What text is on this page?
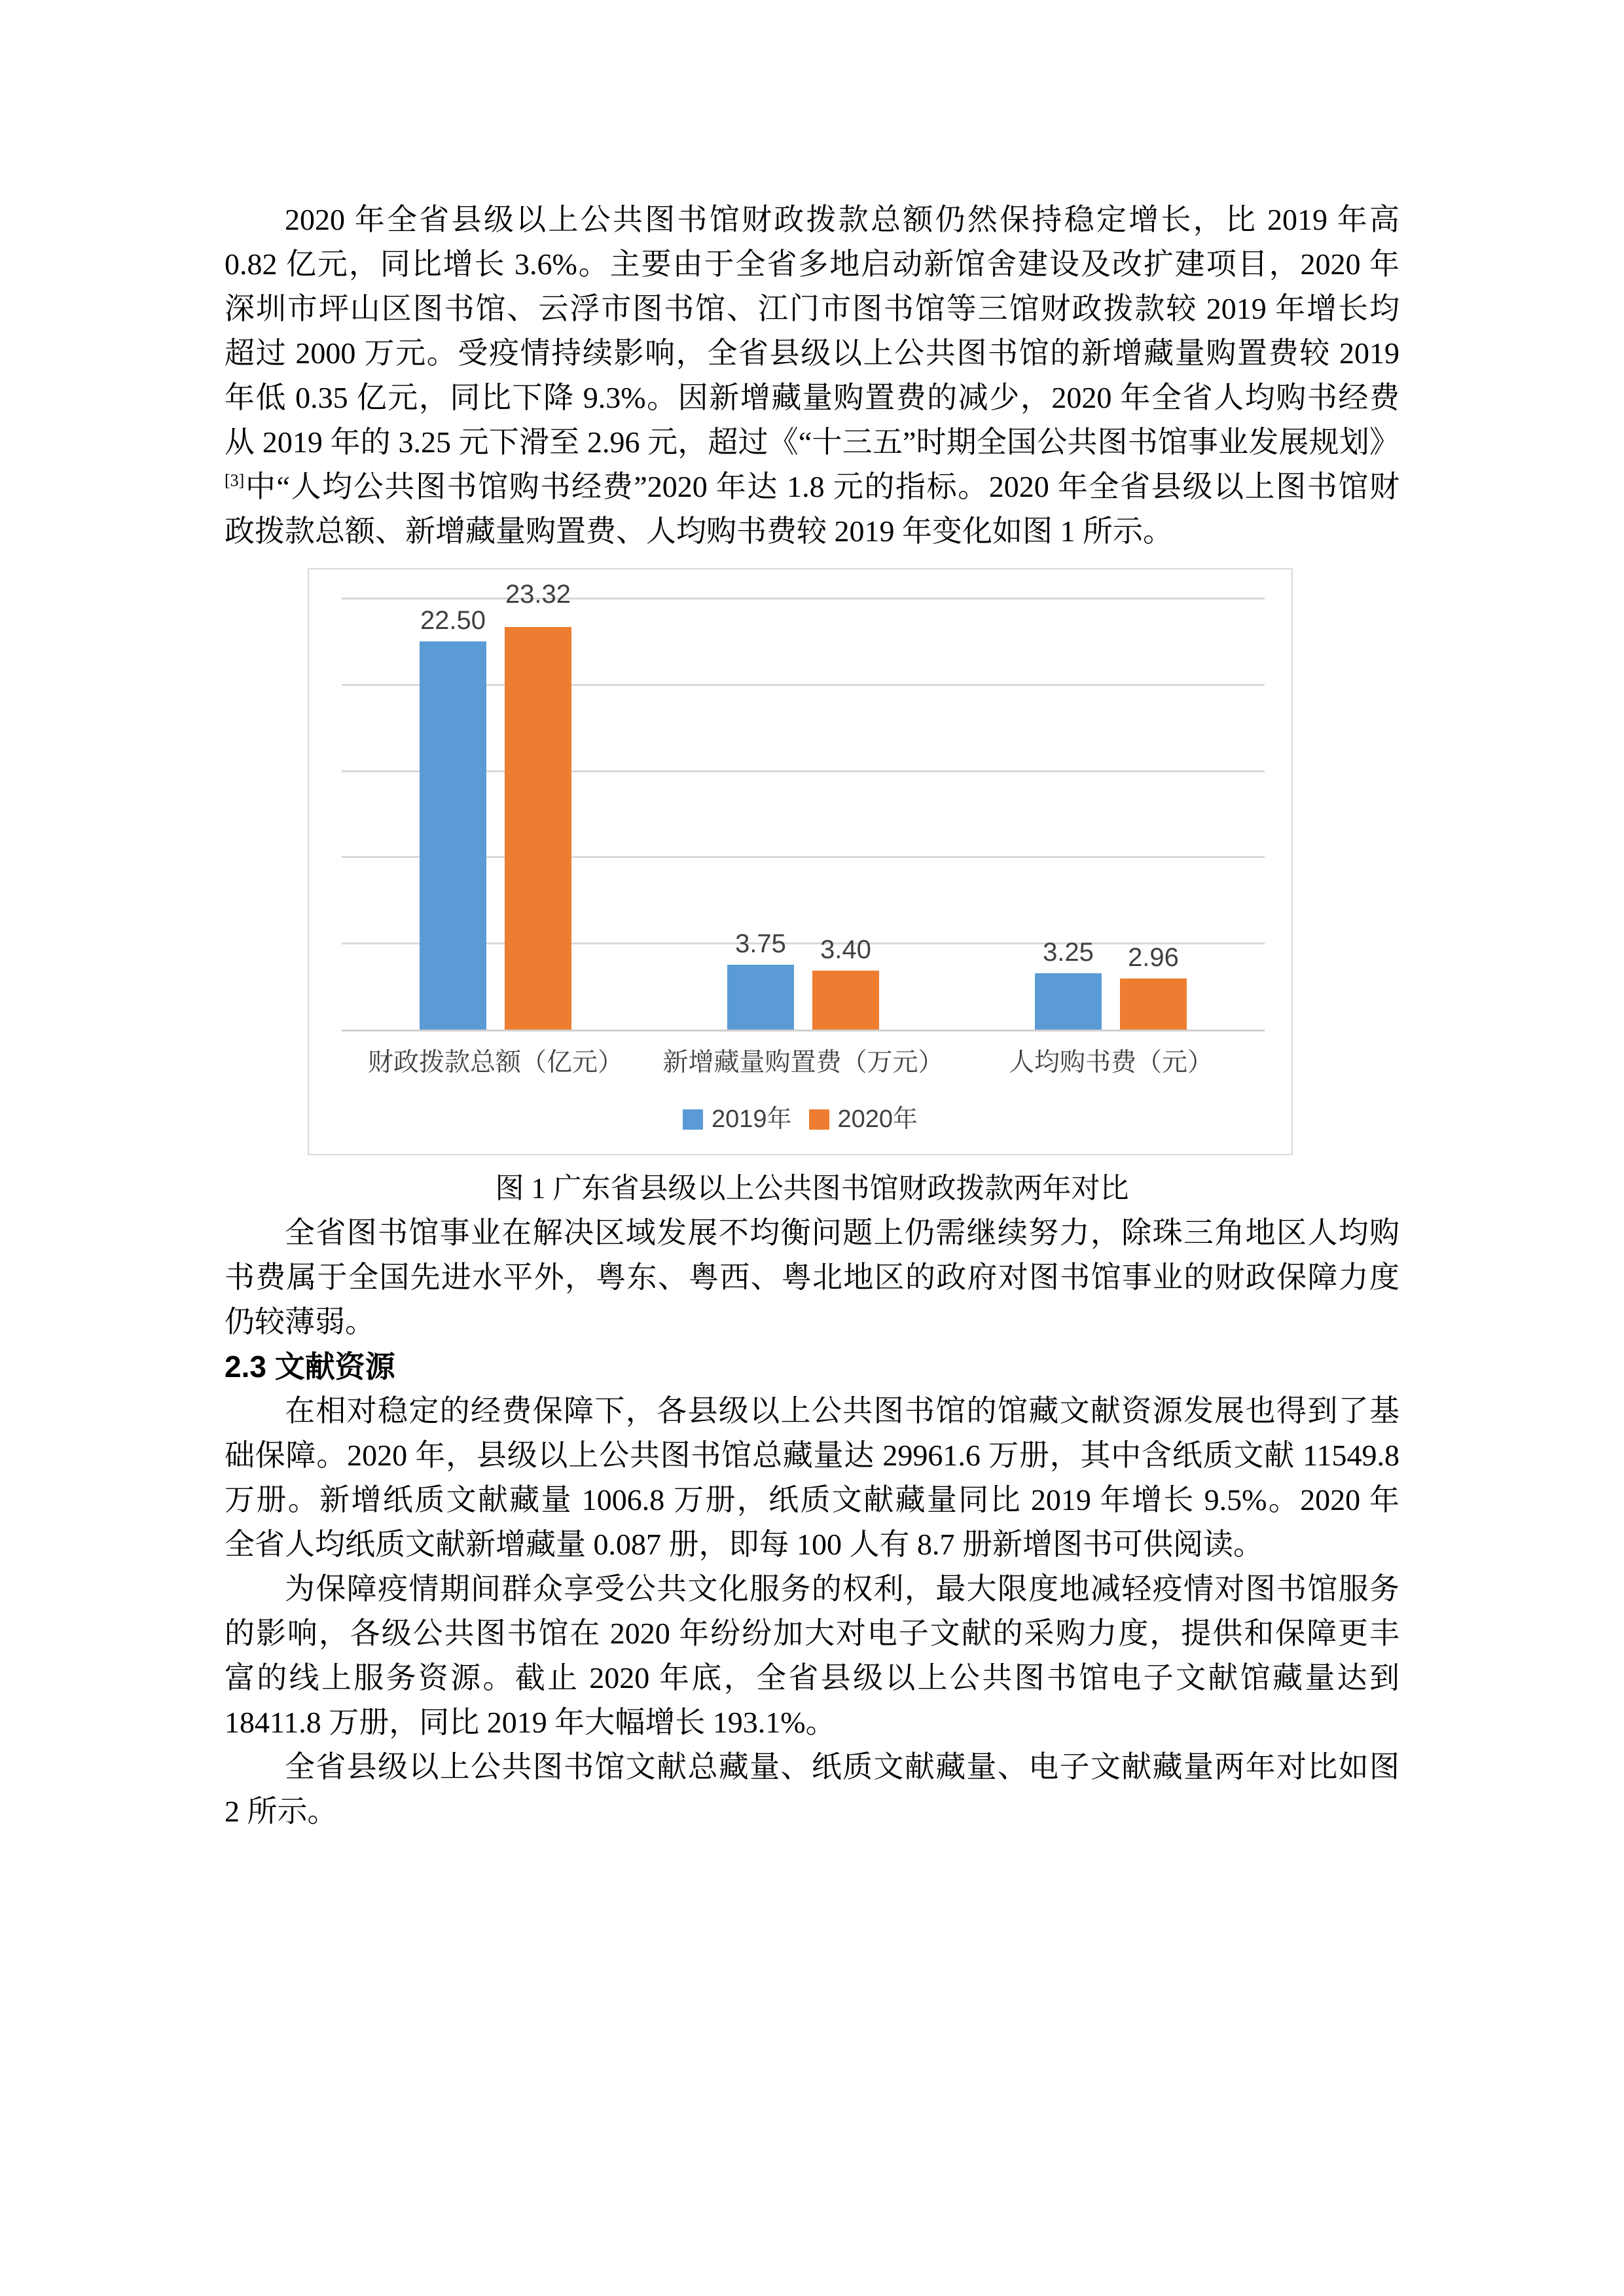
2020 年全省县级以上公共图书馆财政拨款总额仍然保持稳定增长，比 2019 年高
0.82 亿元，同比增长 3.6%。主要由于全省多地启动新馆舍建设及改扩建项目，2020 年
深圳市坪山区图书馆、云浮市图书馆、江门市图书馆等三馆财政拨款较 2019 年增长均
超过 2000 万元。受疫情持续影响，全省县级以上公共图书馆的新增藏量购置费较 2019
年低 0.35 亿元，同比下降 9.3%。因新增藏量购置费的减少，2020 年全省人均购书经费
从 2019 年的 3.25 元下滑至 2.96 元，超过《“十三五”时期全国公共图书馆事业发展规划》
[3]中“人均公共图书馆购书经费”2020 年达 1.8 元的指标。2020 年全省县级以上图书馆财
政拨款总额、新增藏量购置费、人均购书费较 2019 年变化如图 1 所示。
22.50
23.32
财政拨款总额（亿元）
3.75	3.40
新增藏量购置费（万元）
3.25	2.96
人均购书费（元）
2019年 2020年
图 1 广东省县级以上公共图书馆财政拨款两年对比
全省图书馆事业在解决区域发展不均衡问题上仍需继续努力，除珠三角地区人均购
书费属于全国先进水平外，粤东、粤西、粤北地区的政府对图书馆事业的财政保障力度
仍较薄弱。
2.3 文献资源
在相对稳定的经费保障下，各县级以上公共图书馆的馆藏文献资源发展也得到了基
础保障。2020 年，县级以上公共图书馆总藏量达 29961.6 万册，其中含纸质文献 11549.8
万册。新增纸质文献藏量 1006.8 万册，纸质文献藏量同比 2019 年增长 9.5%。2020 年
全省人均纸质文献新增藏量 0.087 册，即每 100 人有 8.7 册新增图书可供阅读。
为保障疫情期间群众享受公共文化服务的权利，最大限度地减轻疫情对图书馆服务
的影响，各级公共图书馆在 2020 年纷纷加大对电子文献的采购力度，提供和保障更丰
富的线上服务资源。截止 2020 年底，全省县级以上公共图书馆电子文献馆藏量达到
18411.8 万册，同比 2019 年大幅增长 193.1%。
全省县级以上公共图书馆文献总藏量、纸质文献藏量、电子文献藏量两年对比如图
2 所示。
